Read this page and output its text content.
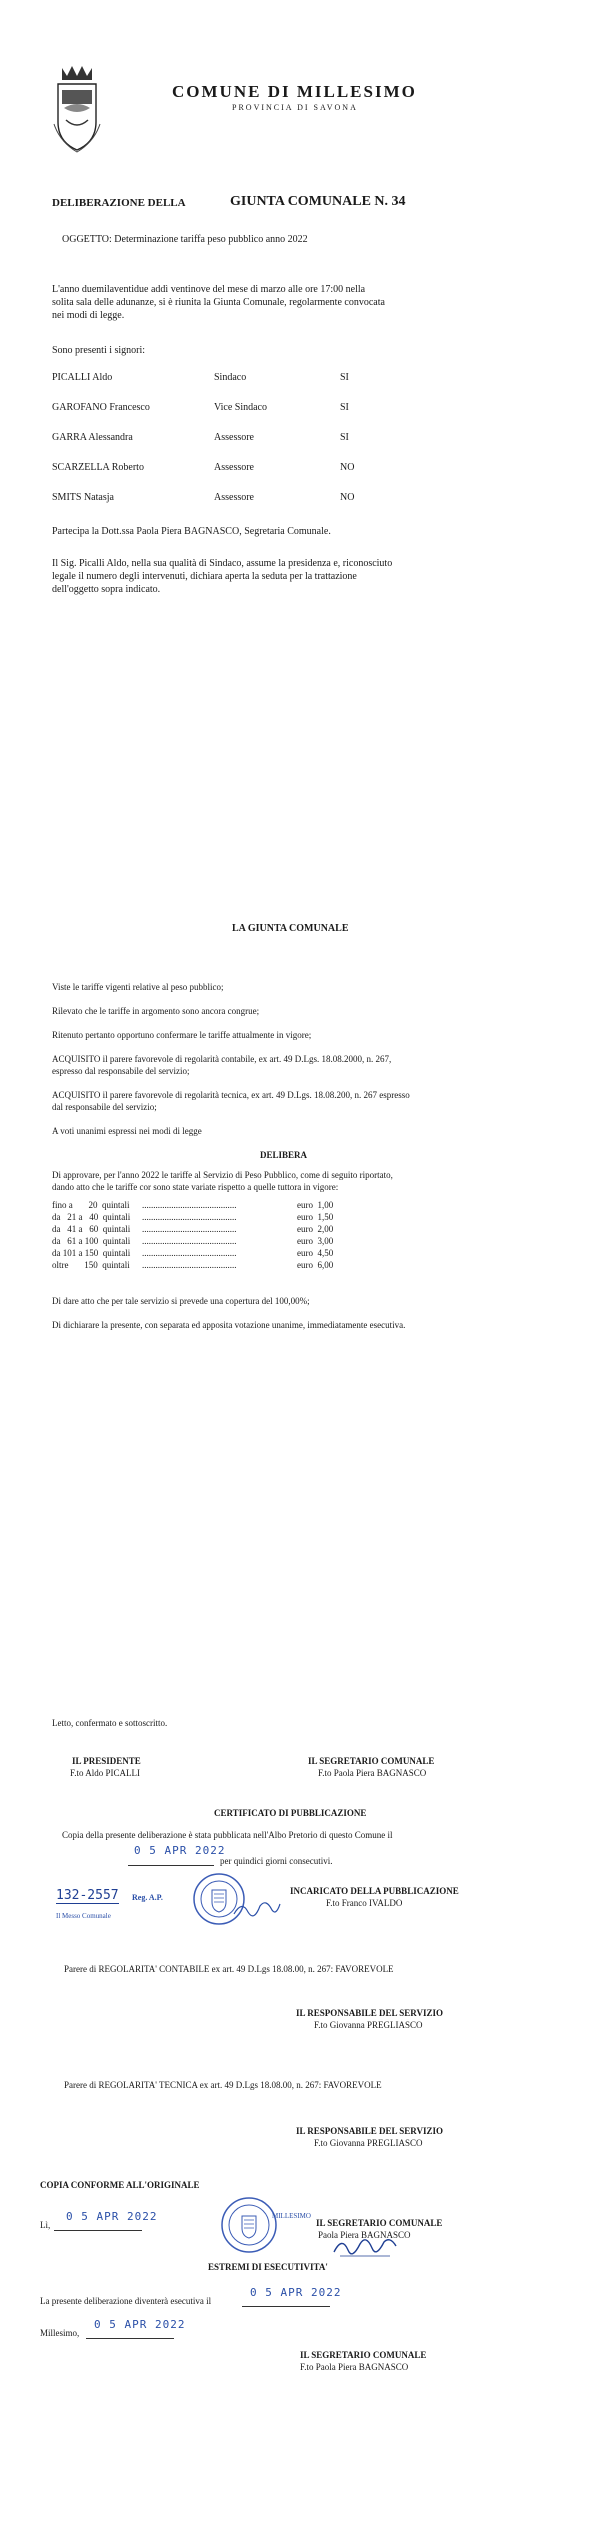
COMUNE DI MILLESIMO
PROVINCIA DI SAVONA
DELIBERAZIONE DELLA	GIUNTA COMUNALE N. 34
OGGETTO: Determinazione tariffa peso pubblico anno 2022
L'anno duemilaventidue addì ventinove del mese di marzo alle ore 17:00 nella
solita sala delle adunanze, si è riunita la Giunta Comunale, regolarmente convocata
nei modi di legge.
Sono presenti i signori:
PICALLI Aldo	Sindaco	SI
GAROFANO Francesco	Vice Sindaco	SI
GARRA Alessandra	Assessore	SI
SCARZELLA Roberto	Assessore	NO
SMITS Natasja	Assessore	NO
Partecipa la Dott.ssa Paola Piera BAGNASCO, Segretaria Comunale.
Il Sig. Picalli Aldo, nella sua qualità di Sindaco, assume la presidenza e, riconosciuto
legale il numero degli intervenuti, dichiara aperta la seduta per la trattazione
dell'oggetto sopra indicato.
LA GIUNTA COMUNALE
Viste le tariffe vigenti relative al peso pubblico;
Rilevato che le tariffe in argomento sono ancora congrue;
Ritenuto pertanto opportuno confermare le tariffe attualmente in vigore;
ACQUISITO il parere favorevole di regolarità contabile, ex art. 49 D.Lgs. 18.08.2000, n. 267,
espresso dal responsabile del servizio;
ACQUISITO il parere favorevole di regolarità tecnica, ex art. 49 D.Lgs. 18.08.200, n. 267 espresso
dal responsabile del servizio;
A voti unanimi espressi nei modi di legge
DELIBERA
Di approvare, per l'anno 2022 le tariffe al Servizio di Peso Pubblico, come di seguito riportato,
dando atto che le tariffe cor sono state variate rispetto a quelle tuttora in vigore:
fino a       20  quintali ..........................................	euro  1,00
da   21 a   40  quintali ..........................................	euro  1,50
da   41 a   60  quintali ..........................................	euro  2,00
da   61 a 100  quintali ..........................................	euro  3,00
da 101 a 150  quintali ..........................................	euro  4,50
oltre       150  quintali ..........................................	euro  6,00
Di dare atto che per tale servizio si prevede una copertura del 100,00%;
Di dichiarare la presente, con separata ed apposita votazione unanime, immediatamente esecutiva.
Letto, confermato e sottoscritto.
IL PRESIDENTE
F.to Aldo PICALLI
IL SEGRETARIO COMUNALE
F.to Paola Piera BAGNASCO
CERTIFICATO DI PUBBLICAZIONE
Copia della presente deliberazione è stata pubblicata nell'Albo Pretorio di questo Comune il
0 5 APR 2022
per quindici giorni consecutivi.
132-2557 Reg. A.P.
Il Messo Comunale
INCARICATO DELLA PUBBLICAZIONE
F.to Franco IVALDO
Parere di REGOLARITA' CONTABILE ex art. 49 D.Lgs 18.08.00, n. 267: FAVOREVOLE
IL RESPONSABILE DEL SERVIZIO
F.to Giovanna PREGLIASCO
Parere di REGOLARITA' TECNICA ex art. 49 D.Lgs 18.08.00, n. 267: FAVOREVOLE
IL RESPONSABILE DEL SERVIZIO
F.to Giovanna PREGLIASCO
COPIA CONFORME ALL'ORIGINALE
Lì,
0 5 APR 2022	MILLESIMO
IL SEGRETARIO COMUNALE
Paola Piera BAGNASCO
ESTREMI DI ESECUTIVITA'
La presente deliberazione diventerà esecutiva il
0 5 APR 2022
Millesimo,
0 5 APR 2022
IL SEGRETARIO COMUNALE
F.to Paola Piera BAGNASCO
